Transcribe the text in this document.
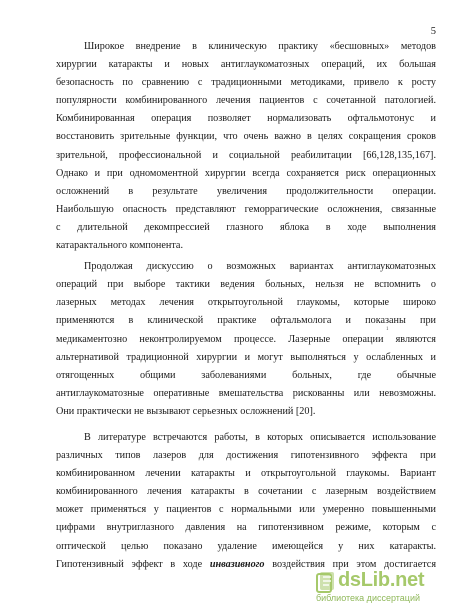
5
Широкое внедрение в клиническую практику «бесшовных» методов
хирургии катаракты и новых антиглаукоматозных операций, их большая
безопасность по сравнению с традиционными методиками, привело к росту
популярности комбинированного лечения пациентов с сочетанной патологией.
Комбинированная операция позволяет нормализовать офтальмотонус и
восстановить зрительные функции, что очень важно в целях сокращения сроков
зрительной, профессиональной и социальной реабилитации [66,128,135,167].
Однако и при одномоментной хирургии всегда сохраняется риск операционных
осложнений в результате увеличения продолжительности операции.
Наибольшую опасность представляют геморрагические осложнения, связанные
с длительной декомпрессией глазного яблока в ходе выполнения
катарактального компонента.
Продолжая дискуссию о возможных вариантах антиглаукоматозных
операций при выборе тактики ведения больных, нельзя не вспомнить о
лазерных методах лечения открытоугольной глаукомы, которые широко
применяются в клинической практике офтальмолога и показаны при
медикаментозно неконтролируемом процессе. Лазерные операции являются
альтернативой традиционной хирургии и могут выполняться у ослабленных и
отягощенных общими заболеваниями больных, где обычные
антиглаукоматозные оперативные вмешательства рискованны или невозможны.
Они практически не вызывают серьезных осложнений [20].
В литературе встречаются работы, в которых описывается использование
различных типов лазеров для достижения гипотензивного эффекта при
комбинированном лечении катаракты и открытоугольной глаукомы. Вариант
комбинированного лечения катаракты в сочетании с лазерным воздействием
может применяться у пациентов с нормальными или умеренно повышенными
цифрами внутриглазного давления на гипотензивном режиме, которым с
оптической целью показано удаление имеющейся у них катаракты.
Гипотензивный эффект в ходе инвазивного воздействия при этом достигается
1
dsLib.net
библиотека диссертаций
